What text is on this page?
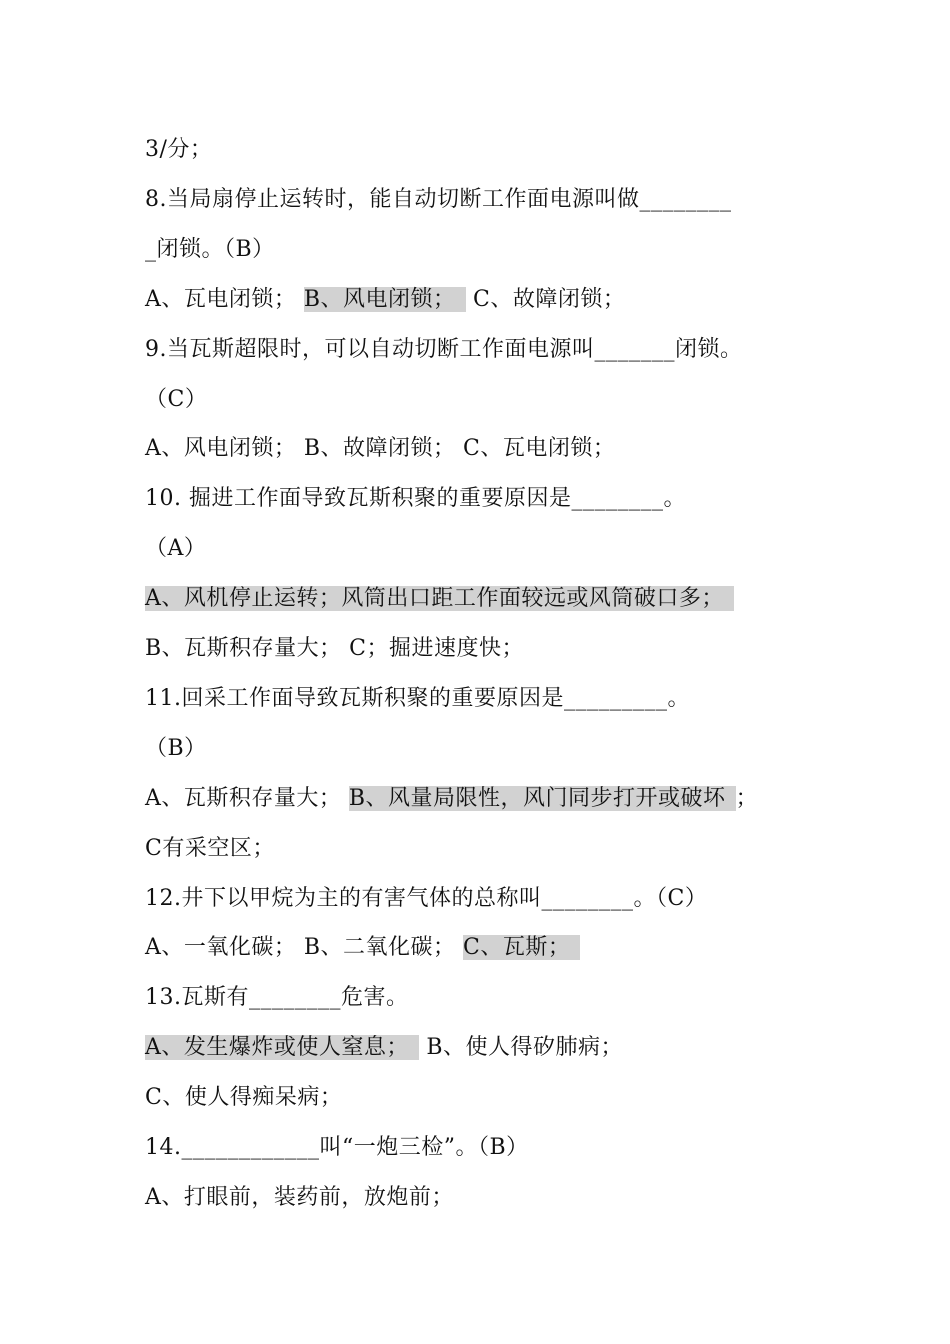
3/分；
8.当局扇停止运转时，能自动切断工作面电源叫做________
_闭锁。（B）
A、瓦电闭锁； B、风电闭锁； C、故障闭锁；
9.当瓦斯超限时，可以自动切断工作面电源叫_______闭锁。
（C）
A、风电闭锁； B、故障闭锁； C、瓦电闭锁；
10. 掘进工作面导致瓦斯积聚的重要原因是________。
（A）
A、风机停止运转；风筒出口距工作面较远或风筒破口多；
B、瓦斯积存量大； C；掘进速度快；
11.回采工作面导致瓦斯积聚的重要原因是_________。
（B）
A、瓦斯积存量大； B、风量局限性，风门同步打开或破坏 ；
C有采空区；
12.井下以甲烷为主的有害气体的总称叫________。（C）
A、一氧化碳； B、二氧化碳； C、瓦斯；
13.瓦斯有________危害。
A、发生爆炸或使人窒息； B、使人得矽肺病；
C、使人得痴呆病；
14.____________叫“一炮三检”。（B）
A、打眼前，装药前，放炮前；
